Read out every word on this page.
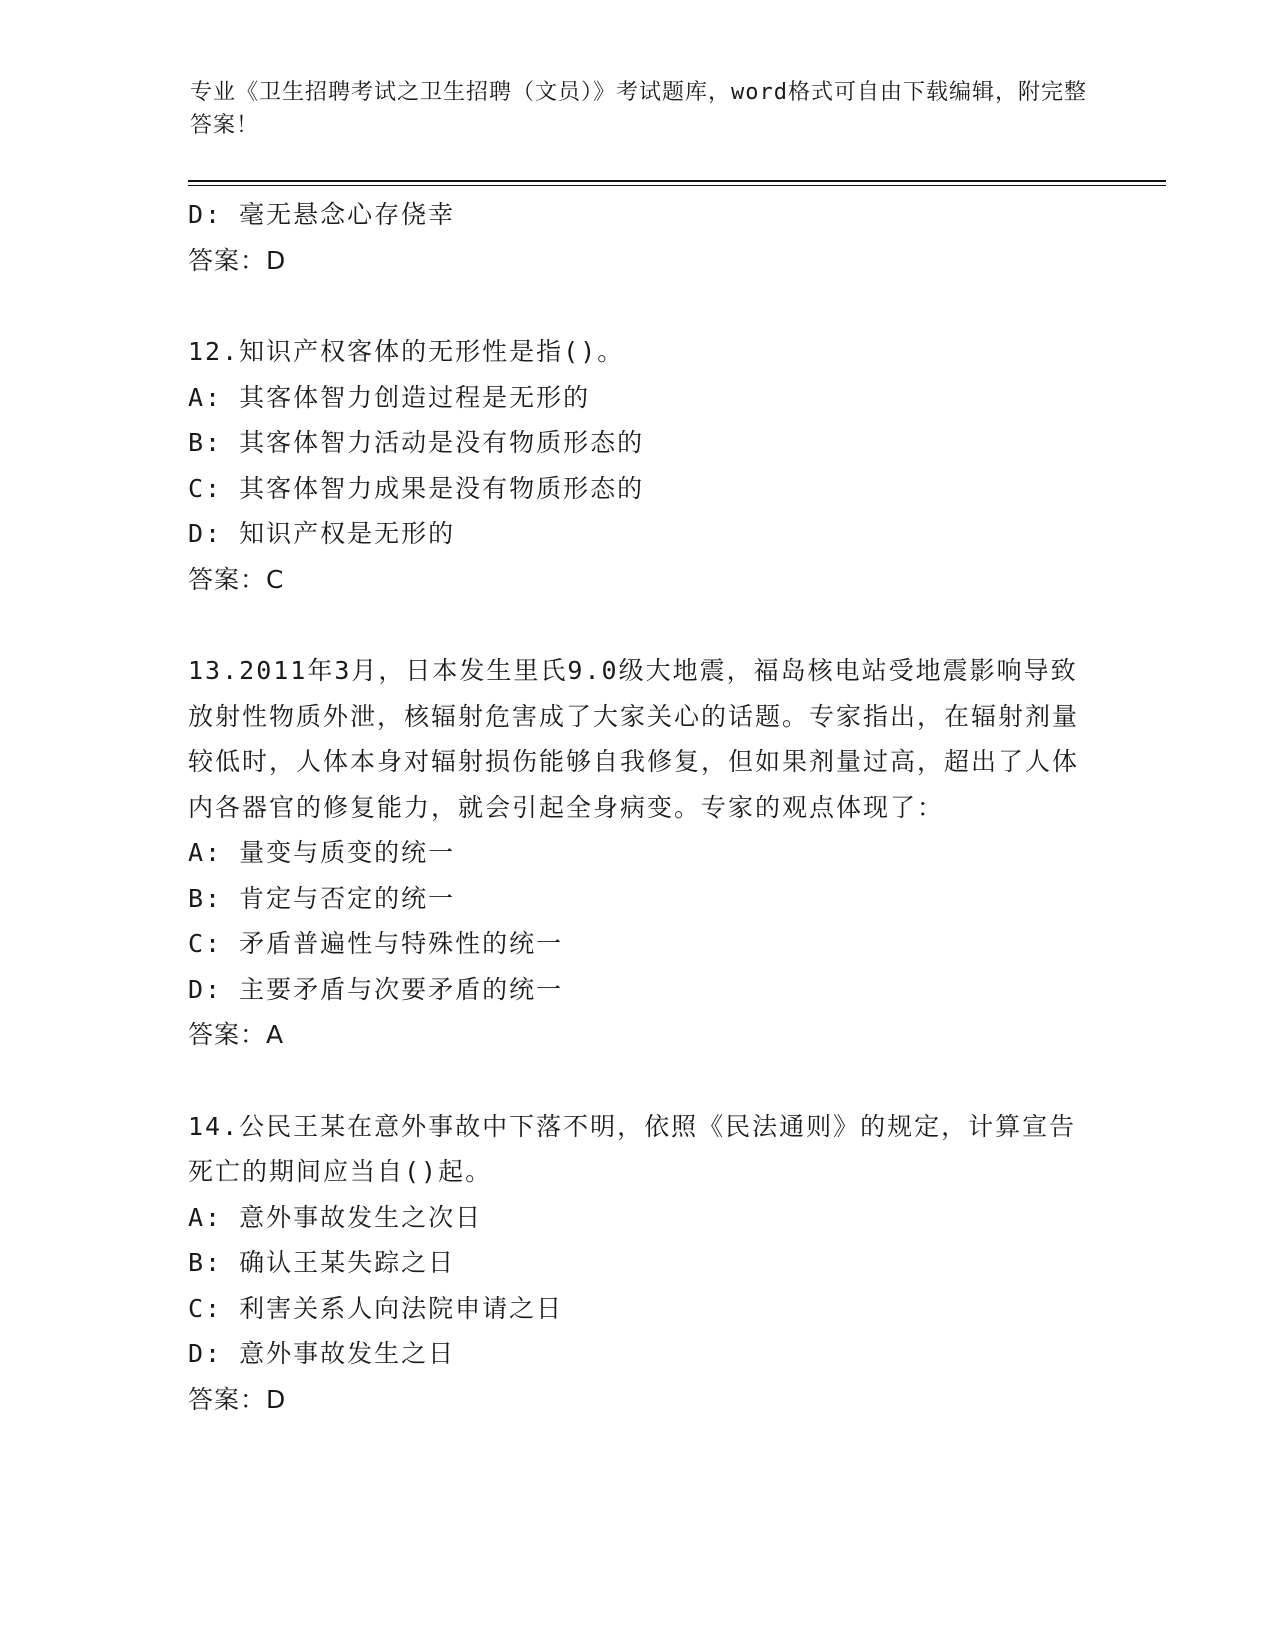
专业《卫生招聘考试之卫生招聘（文员）》考试题库，word格式可自由下载编辑，附完整答案！
D: 毫无悬念心存侥幸
答案：D
12.知识产权客体的无形性是指()。
A: 其客体智力创造过程是无形的
B: 其客体智力活动是没有物质形态的
C: 其客体智力成果是没有物质形态的
D: 知识产权是无形的
答案：C
13.2011年3月，日本发生里氏9.0级大地震，福岛核电站受地震影响导致放射性物质外泄，核辐射危害成了大家关心的话题。专家指出，在辐射剂量较低时，人体本身对辐射损伤能够自我修复，但如果剂量过高，超出了人体内各器官的修复能力，就会引起全身病变。专家的观点体现了：
A: 量变与质变的统一
B: 肯定与否定的统一
C: 矛盾普遍性与特殊性的统一
D: 主要矛盾与次要矛盾的统一
答案：A
14.公民王某在意外事故中下落不明，依照《民法通则》的规定，计算宣告死亡的期间应当自()起。
A: 意外事故发生之次日
B: 确认王某失踪之日
C: 利害关系人向法院申请之日
D: 意外事故发生之日
答案：D
